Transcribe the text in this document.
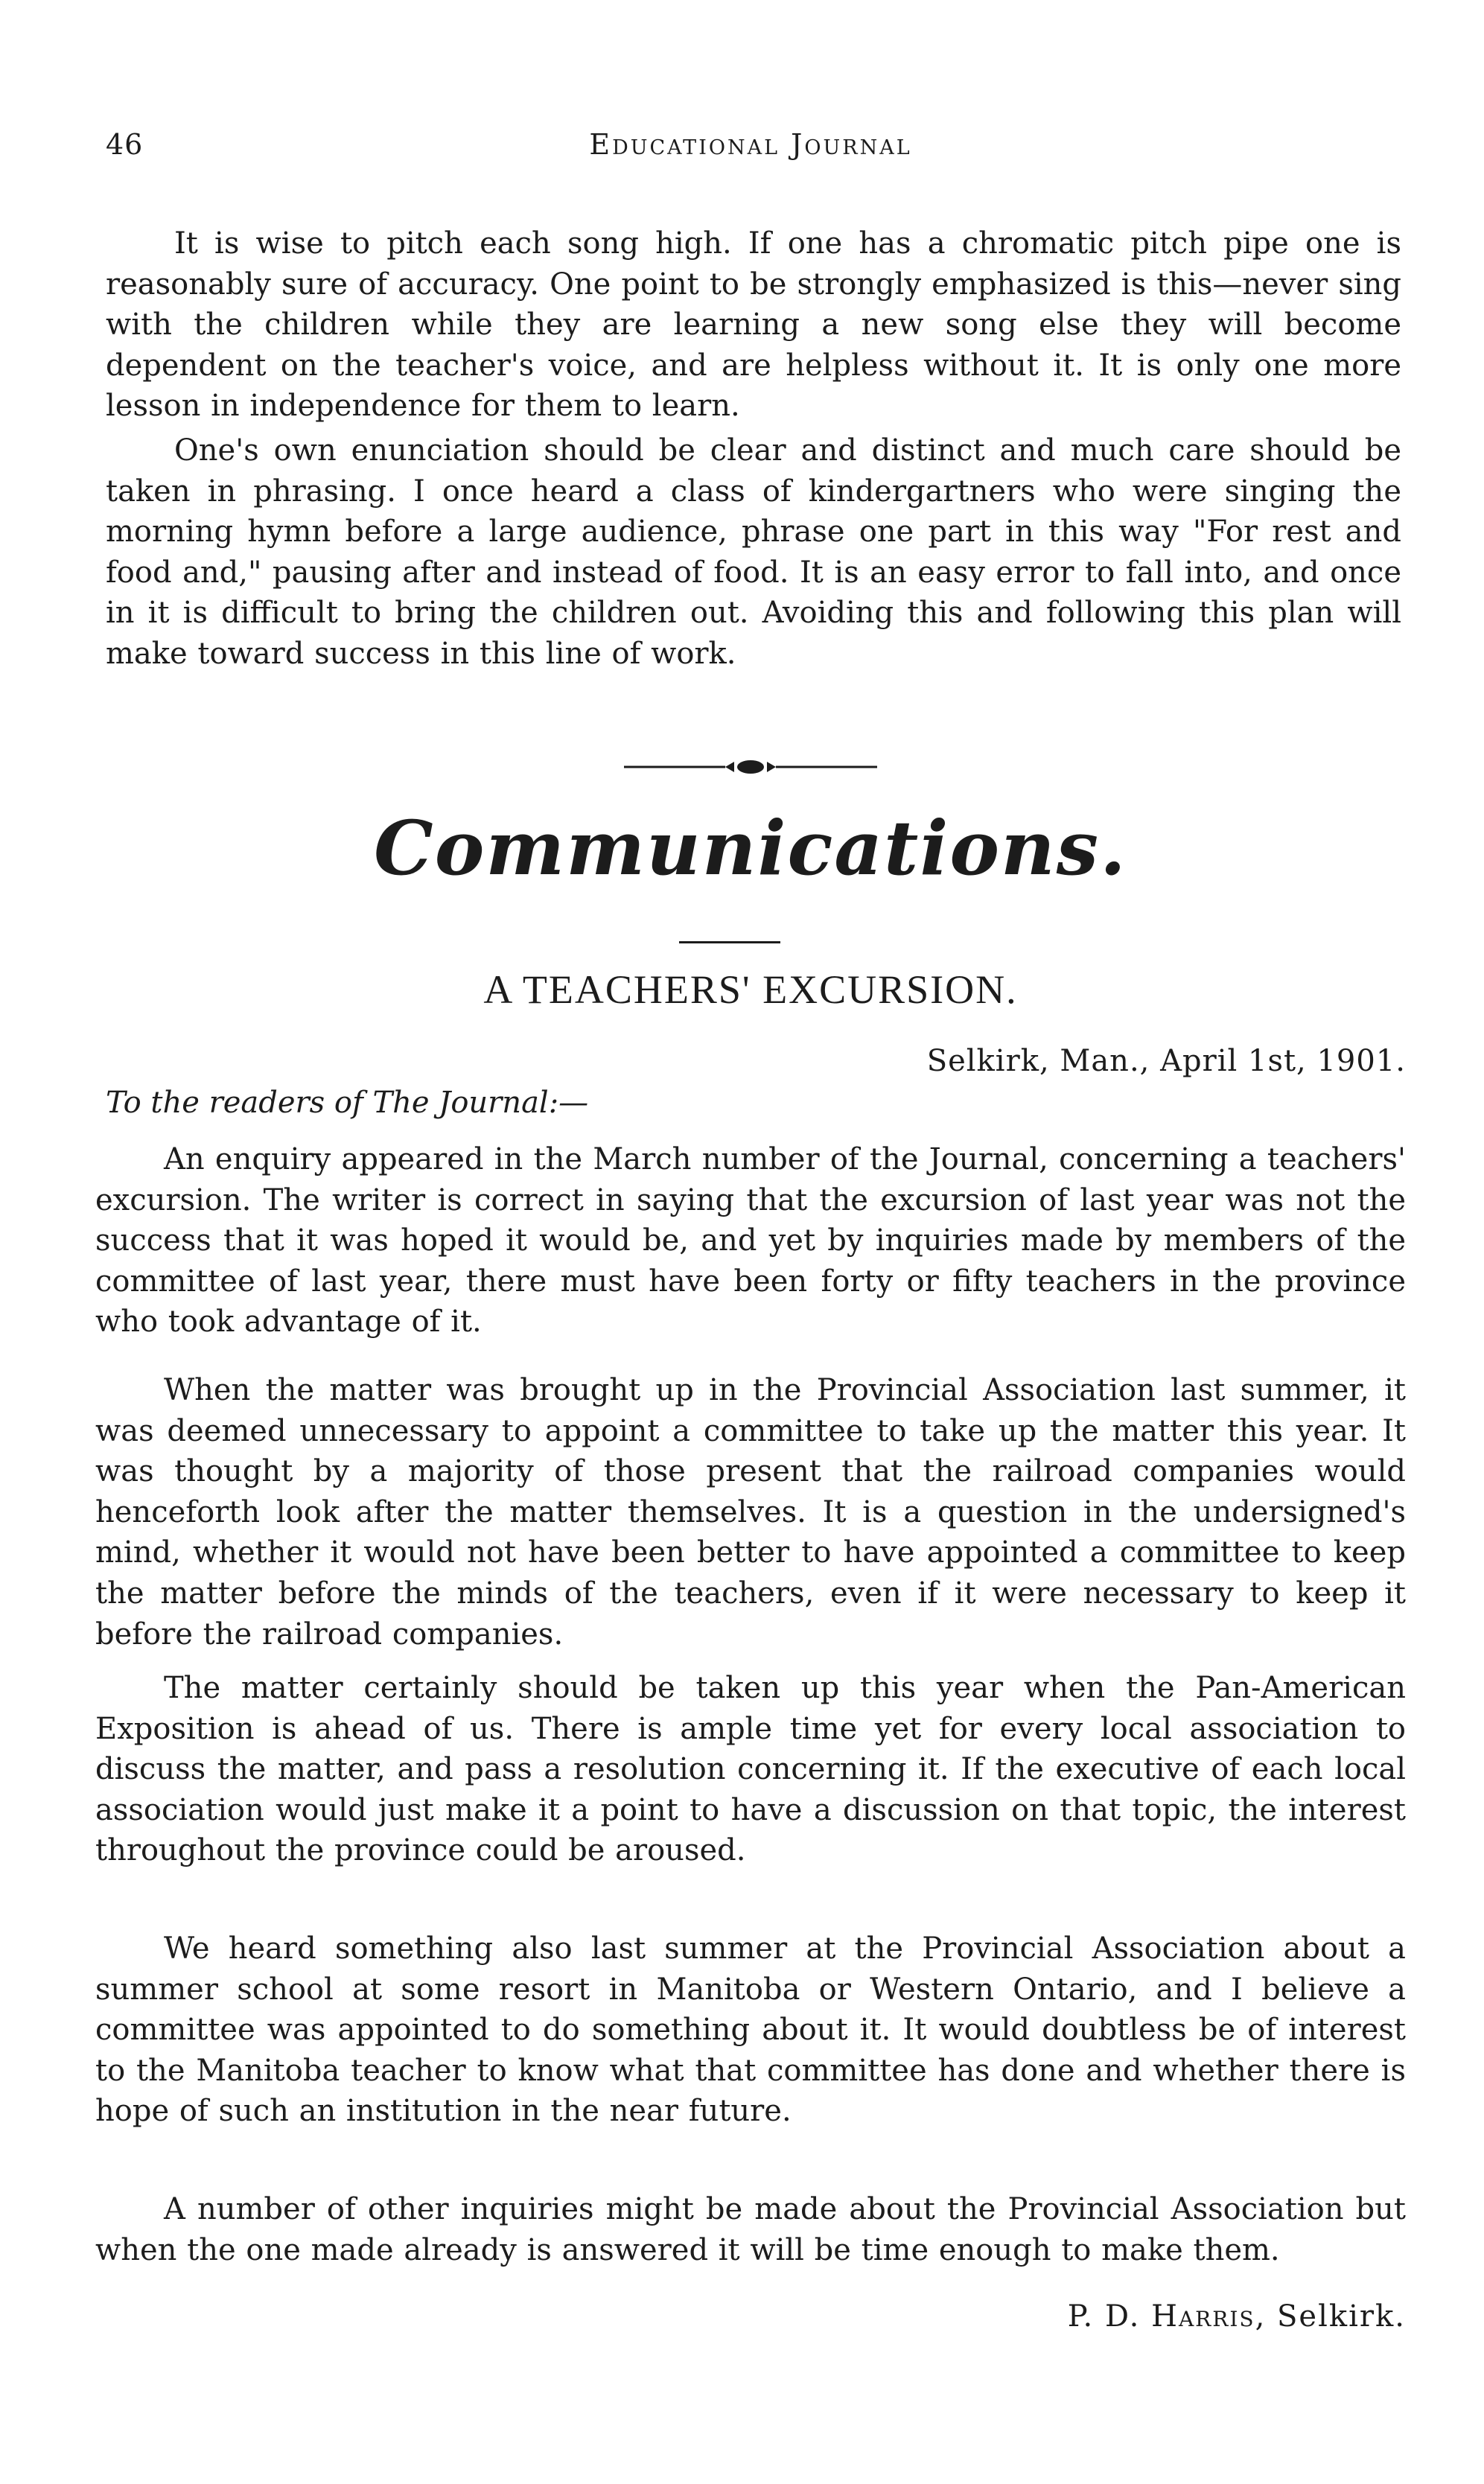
46	Educational Journal

It is wise to pitch each song high. If one has a chromatic pitch pipe one is reasonably sure of accuracy. One point to be strongly emphasized is this—never sing with the children while they are learning a new song else they will become dependent on the teacher's voice, and are helpless without it. It is only one more lesson in independence for them to learn.

One's own enunciation should be clear and distinct and much care should be taken in phrasing. I once heard a class of kindergartners who were singing the morning hymn before a large audience, phrase one part in this way "For rest and food and," pausing after and instead of food. It is an easy error to fall into, and once in it is difficult to bring the children out. Avoiding this and following this plan will make toward success in this line of work.

Communications.
A TEACHERS' EXCURSION.
Selkirk, Man., April 1st, 1901.
To the readers of The Journal:—

An enquiry appeared in the March number of the Journal, concerning a teachers' excursion. The writer is correct in saying that the excursion of last year was not the success that it was hoped it would be, and yet by inquiries made by members of the committee of last year, there must have been forty or fifty teachers in the province who took advantage of it.

When the matter was brought up in the Provincial Association last summer, it was deemed unnecessary to appoint a committee to take up the matter this year. It was thought by a majority of those present that the railroad companies would henceforth look after the matter themselves. It is a question in the undersigned's mind, whether it would not have been better to have appointed a committee to keep the matter before the minds of the teachers, even if it were necessary to keep it before the railroad companies.

The matter certainly should be taken up this year when the Pan-American Exposition is ahead of us. There is ample time yet for every local association to discuss the matter, and pass a resolution concerning it. If the executive of each local association would just make it a point to have a discussion on that topic, the interest throughout the province could be aroused.

We heard something also last summer at the Provincial Association about a summer school at some resort in Manitoba or Western Ontario, and I believe a committee was appointed to do something about it. It would doubtless be of interest to the Manitoba teacher to know what that committee has done and whether there is hope of such an institution in the near future.

A number of other inquiries might be made about the Provincial Association but when the one made already is answered it will be time enough to make them.

P. D. Harris, Selkirk.
